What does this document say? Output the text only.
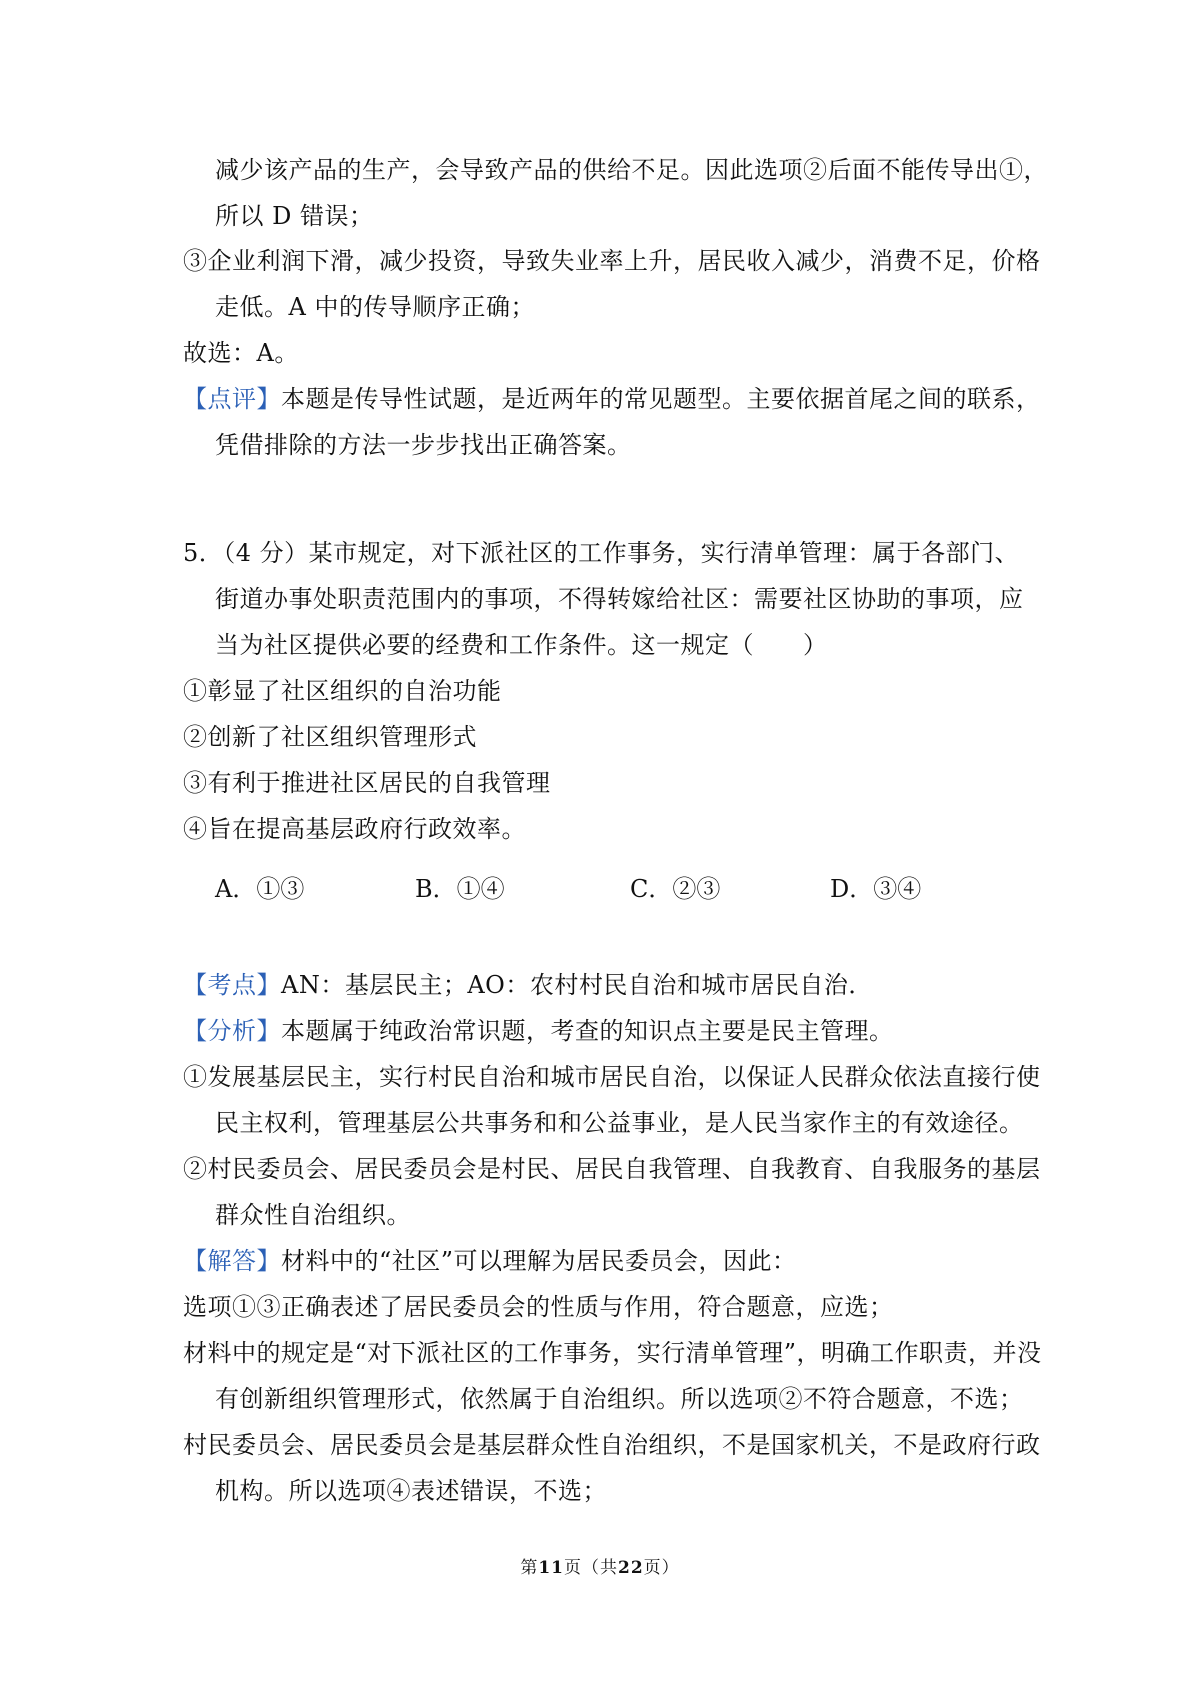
减少该产品的生产，会导致产品的供给不足。因此选项②后面不能传导出①，
所以 D 错误；
③企业利润下滑，减少投资，导致失业率上升，居民收入减少，消费不足，价格
走低。A 中的传导顺序正确；
故选：A。
【点评】本题是传导性试题，是近两年的常见题型。主要依据首尾之间的联系，
凭借排除的方法一步步找出正确答案。
5．（4 分）某市规定，对下派社区的工作事务，实行清单管理：属于各部门、
街道办事处职责范围内的事项，不得转嫁给社区：需要社区协助的事项，应
当为社区提供必要的经费和工作条件。这一规定（　　）
①彰显了社区组织的自治功能
②创新了社区组织管理形式
③有利于推进社区居民的自我管理
④旨在提高基层政府行政效率。
A．①③	B．①④	C．②③	D．③④
【考点】AN：基层民主；AO：农村村民自治和城市居民自治．
【分析】本题属于纯政治常识题，考查的知识点主要是民主管理。
①发展基层民主，实行村民自治和城市居民自治，以保证人民群众依法直接行使
民主权利，管理基层公共事务和和公益事业，是人民当家作主的有效途径。
②村民委员会、居民委员会是村民、居民自我管理、自我教育、自我服务的基层
群众性自治组织。
【解答】材料中的“社区”可以理解为居民委员会，因此：
选项①③正确表述了居民委员会的性质与作用，符合题意，应选；
材料中的规定是“对下派社区的工作事务，实行清单管理”，明确工作职责，并没
有创新组织管理形式，依然属于自治组织。所以选项②不符合题意，不选；
村民委员会、居民委员会是基层群众性自治组织，不是国家机关，不是政府行政
机构。所以选项④表述错误，不选；
第11页（共22页）
